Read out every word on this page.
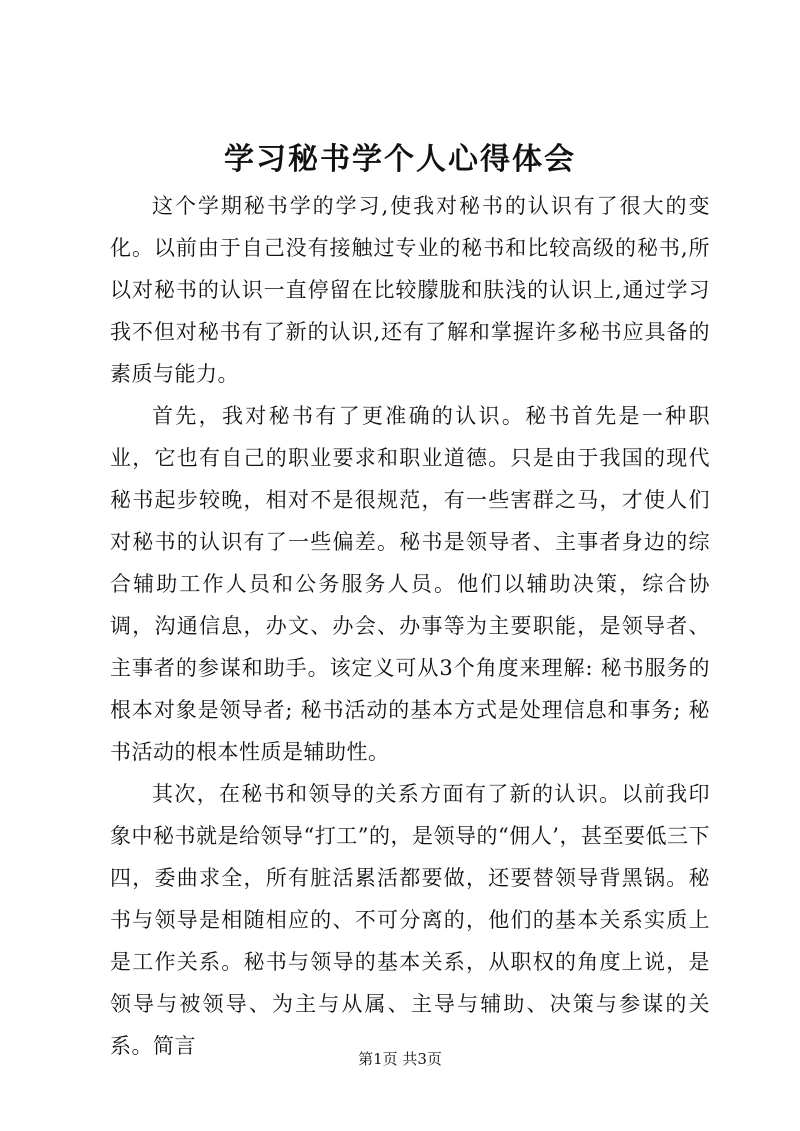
学习秘书学个人心得体会

这个学期秘书学的学习,使我对秘书的认识有了很大的变化。以前由于自己没有接触过专业的秘书和比较高级的秘书,所以对秘书的认识一直停留在比较朦胧和肤浅的认识上,通过学习我不但对秘书有了新的认识,还有了解和掌握许多秘书应具备的素质与能力。

首先，我对秘书有了更准确的认识。秘书首先是一种职业，它也有自己的职业要求和职业道德。只是由于我国的现代秘书起步较晚，相对不是很规范，有一些害群之马，才使人们对秘书的认识有了一些偏差。秘书是领导者、主事者身边的综合辅助工作人员和公务服务人员。他们以辅助决策，综合协调，沟通信息，办文、办会、办事等为主要职能，是领导者、主事者的参谋和助手。该定义可从3个角度来理解: 秘书服务的根本对象是领导者; 秘书活动的基本方式是处理信息和事务; 秘书活动的根本性质是辅助性。

其次，在秘书和领导的关系方面有了新的认识。以前我印象中秘书就是给领导“打工”的，是领导的“佣人’，甚至要低三下四，委曲求全，所有脏活累活都要做，还要替领导背黑锅。秘书与领导是相随相应的、不可分离的，他们的基本关系实质上是工作关系。秘书与领导的基本关系，从职权的角度上说，是领导与被领导、为主与从属、主导与辅助、决策与参谋的关系。简言

第1页 共3页
